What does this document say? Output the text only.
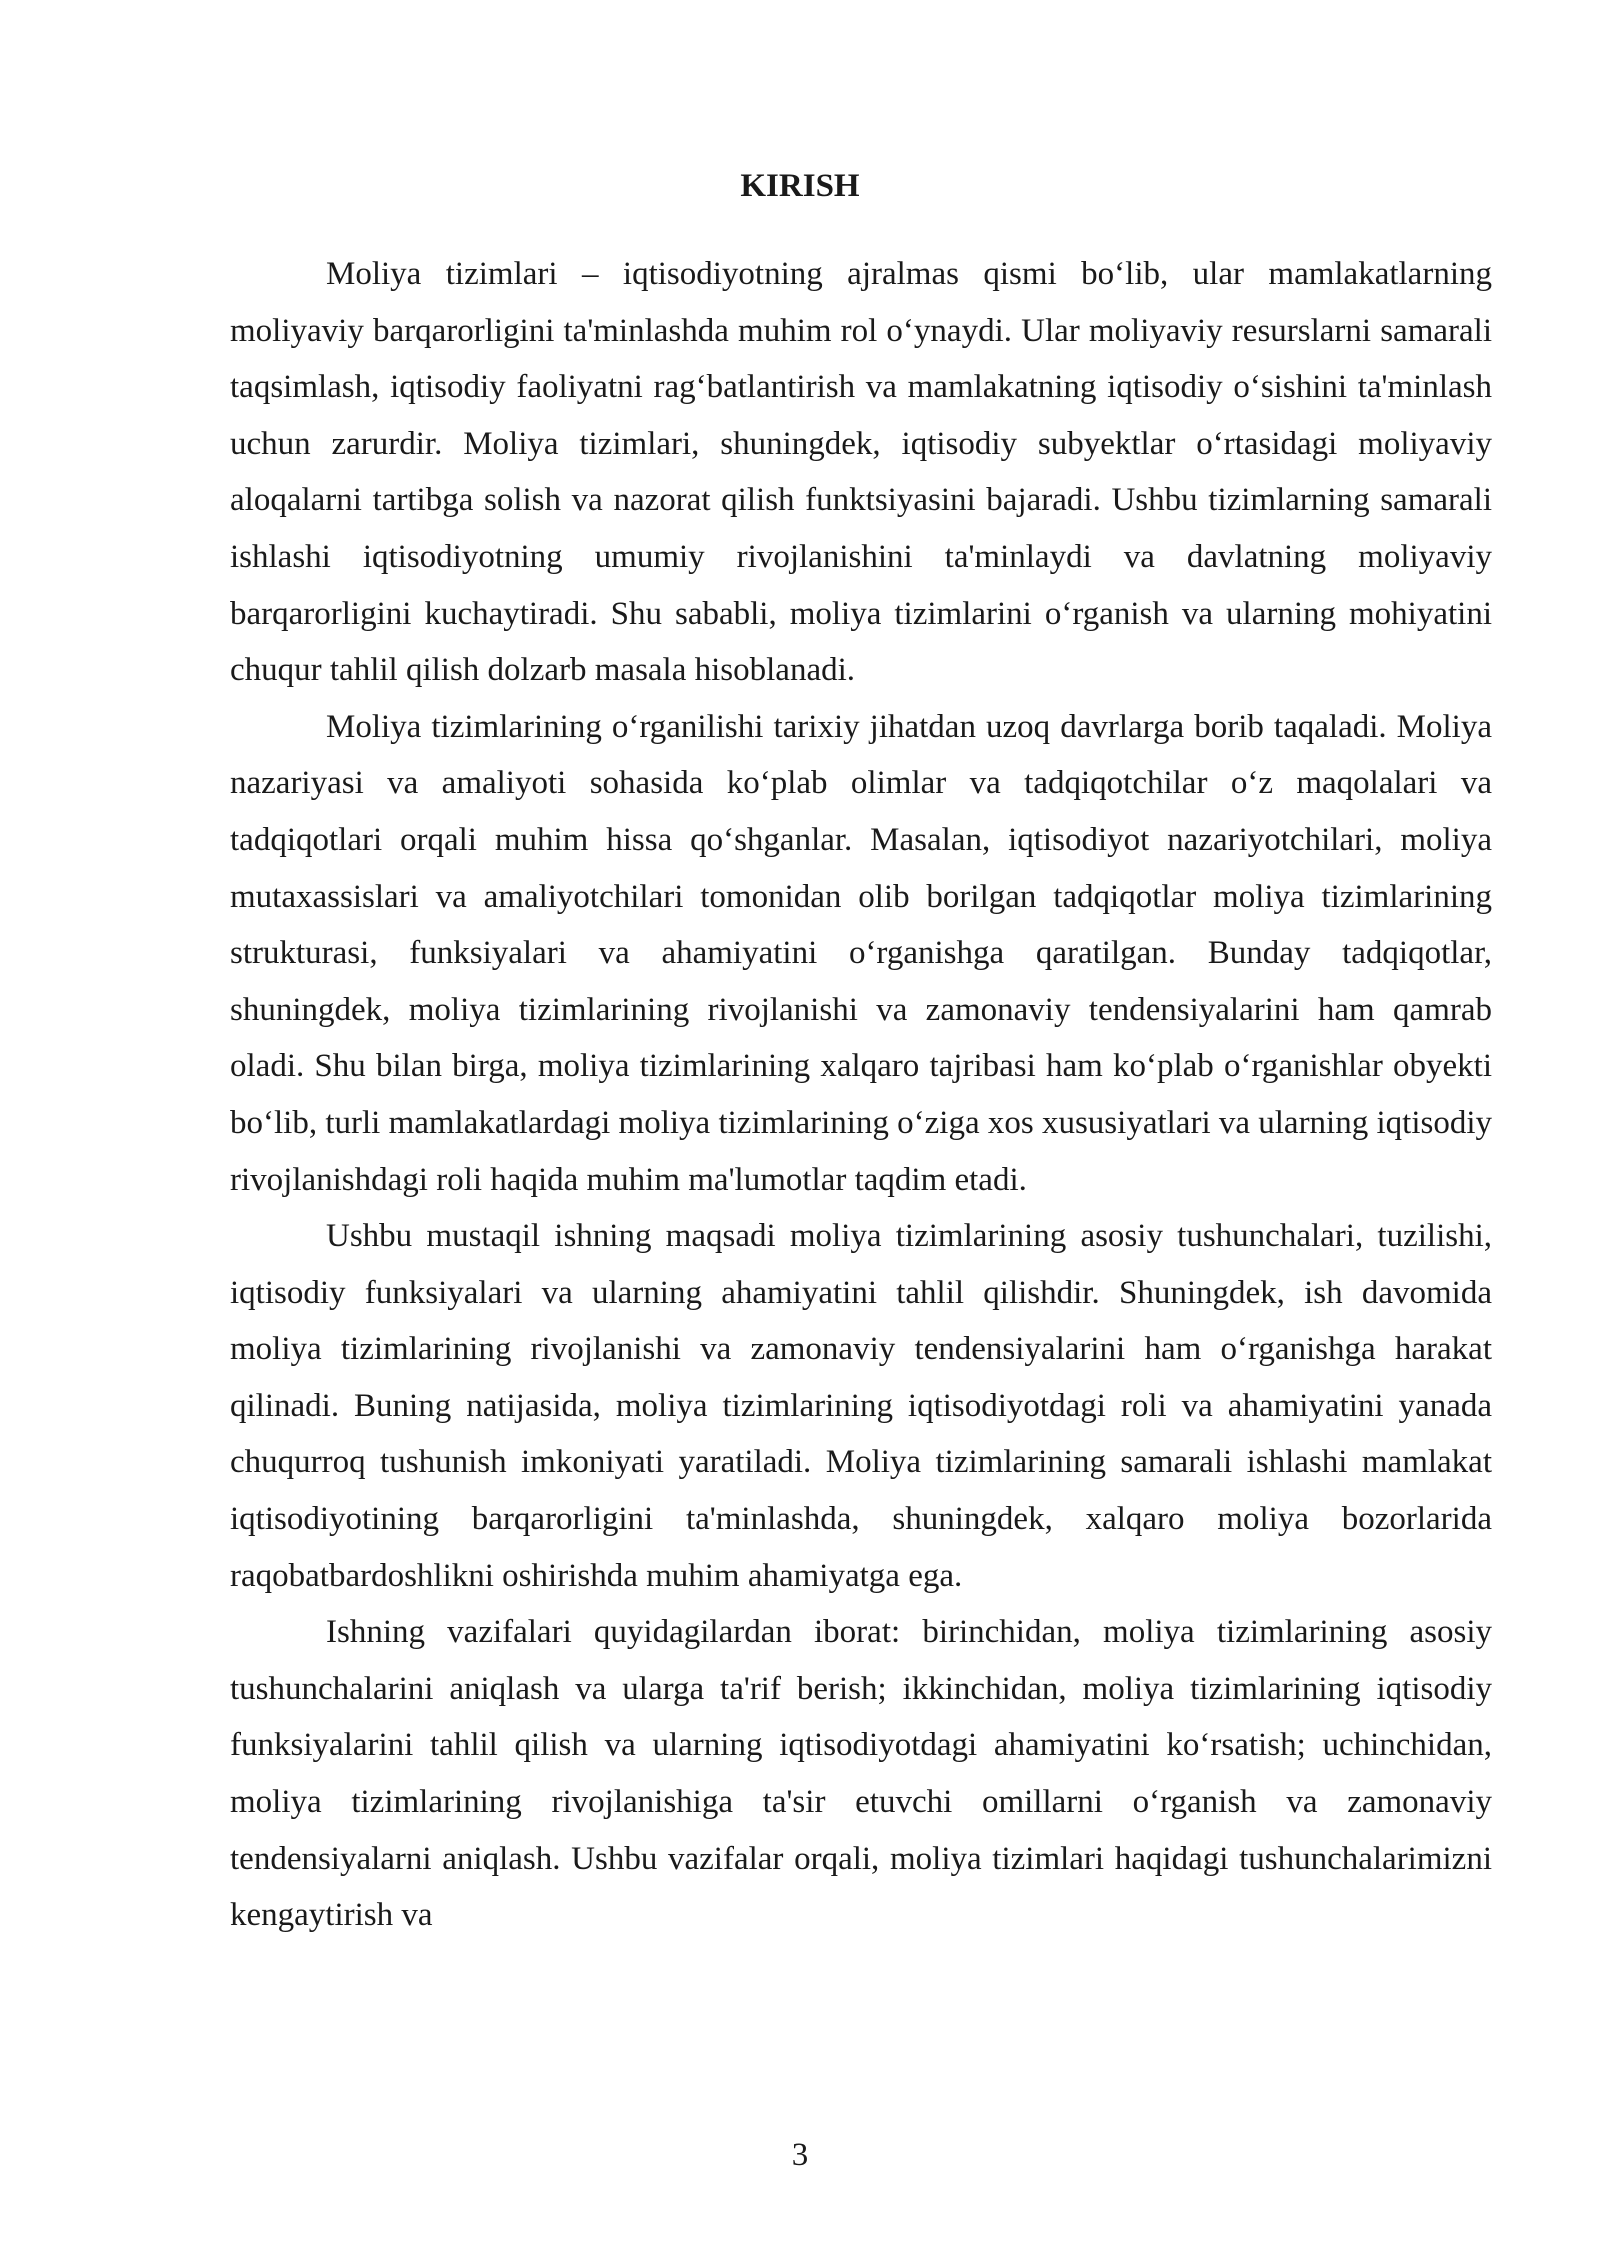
KIRISH

Moliya tizimlari – iqtisodiyotning ajralmas qismi bo‘lib, ular mamlakatlarning moliyaviy barqarorligini ta'minlashda muhim rol o‘ynaydi. Ular moliyaviy resurslarni samarali taqsimlash, iqtisodiy faoliyatni rag‘batlantirish va mamlakatning iqtisodiy o‘sishini ta'minlash uchun zarurdir. Moliya tizimlari, shuningdek, iqtisodiy subyektlar o‘rtasidagi moliyaviy aloqalarni tartibga solish va nazorat qilish funktsiyasini bajaradi. Ushbu tizimlarning samarali ishlashi iqtisodiyotning umumiy rivojlanishini ta'minlaydi va davlatning moliyaviy barqarorligini kuchaytiradi. Shu sababli, moliya tizimlarini o‘rganish va ularning mohiyatini chuqur tahlil qilish dolzarb masala hisoblanadi.

Moliya tizimlarining o‘rganilishi tarixiy jihatdan uzoq davrlarga borib taqaladi. Moliya nazariyasi va amaliyoti sohasida ko‘plab olimlar va tadqiqotchilar o‘z maqolalari va tadqiqotlari orqali muhim hissa qo‘shganlar. Masalan, iqtisodiyot nazariyotchilari, moliya mutaxassislari va amaliyotchilari tomonidan olib borilgan tadqiqotlar moliya tizimlarining strukturasi, funksiyalari va ahamiyatini o‘rganishga qaratilgan. Bunday tadqiqotlar, shuningdek, moliya tizimlarining rivojlanishi va zamonaviy tendensiyalarini ham qamrab oladi. Shu bilan birga, moliya tizimlarining xalqaro tajribasi ham ko‘plab o‘rganishlar obyekti bo‘lib, turli mamlakatlardagi moliya tizimlarining o‘ziga xos xususiyatlari va ularning iqtisodiy rivojlanishdagi roli haqida muhim ma'lumotlar taqdim etadi.

Ushbu mustaqil ishning maqsadi moliya tizimlarining asosiy tushunchalari, tuzilishi, iqtisodiy funksiyalari va ularning ahamiyatini tahlil qilishdir. Shuningdek, ish davomida moliya tizimlarining rivojlanishi va zamonaviy tendensiyalarini ham o‘rganishga harakat qilinadi. Buning natijasida, moliya tizimlarining iqtisodiyotdagi roli va ahamiyatini yanada chuqurroq tushunish imkoniyati yaratiladi. Moliya tizimlarining samarali ishlashi mamlakat iqtisodiyotining barqarorligini ta'minlashda, shuningdek, xalqaro moliya bozorlarida raqobatbardoshlikni oshirishda muhim ahamiyatga ega.

Ishning vazifalari quyidagilardan iborat: birinchidan, moliya tizimlarining asosiy tushunchalarini aniqlash va ularga ta'rif berish; ikkinchidan, moliya tizimlarining iqtisodiy funksiyalarini tahlil qilish va ularning iqtisodiyotdagi ahamiyatini ko‘rsatish; uchinchidan, moliya tizimlarining rivojlanishiga ta'sir etuvchi omillarni o‘rganish va zamonaviy tendensiyalarni aniqlash. Ushbu vazifalar orqali, moliya tizimlari haqidagi tushunchalarimizni kengaytirish va

3
